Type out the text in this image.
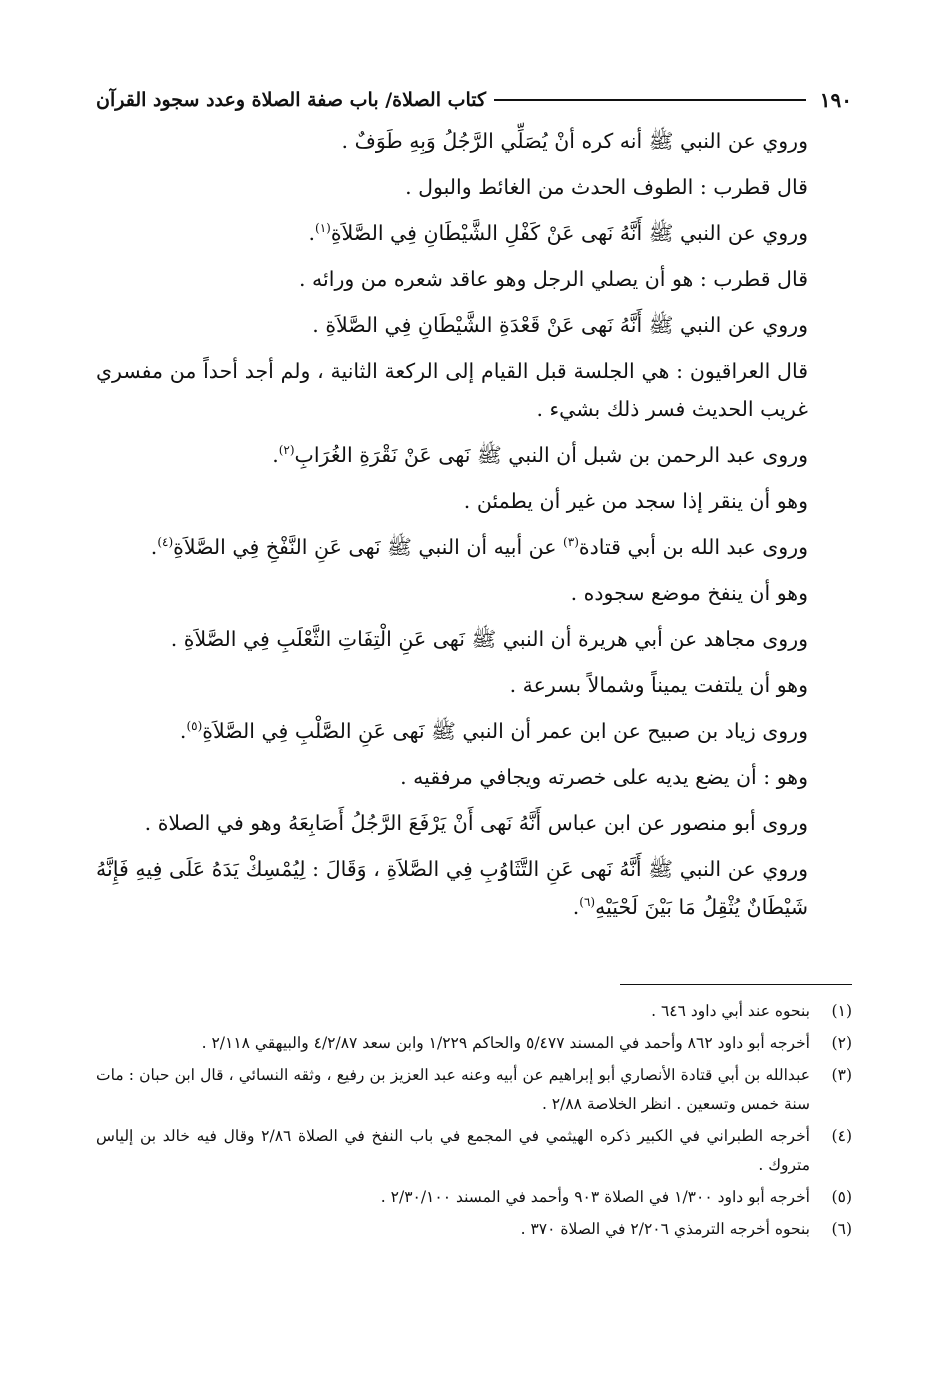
١٩٠
كتاب الصلاة/ باب صفة الصلاة وعدد سجود القرآن

وروي عن النبي ﷺ أنه كره أنْ يُصَلِّي الرَّجُلُ وَبِهِ طَوَفٌ .

قال قطرب : الطوف الحدث من الغائط والبول .

وروي عن النبي ﷺ أَنَّهُ نَهى عَنْ كَفْلِ الشَّيْطَانِ فِي الصَّلاَةِ$^{(١)}$.

قال قطرب : هو أن يصلي الرجل وهو عاقد شعره من ورائه .

وروي عن النبي ﷺ أَنَّهُ نَهى عَنْ قَعْدَةِ الشَّيْطَانِ فِي الصَّلاَةِ .

قال العراقيون : هي الجلسة قبل القيام إلى الركعة الثانية ، ولم أجد أحداً من مفسري غريب الحديث فسر ذلك بشيء .

وروى عبد الرحمن بن شبل أن النبي ﷺ نَهى عَنْ نَقْرَةِ الغُرَابِ$^{(٢)}$.

وهو أن ينقر إذا سجد من غير أن يطمئن .

وروى عبد الله بن أبي قتادة$^{(٣)}$ عن أبيه أن النبي ﷺ نَهى عَنِ النَّفْخِ فِي الصَّلاَةِ$^{(٤)}$.

وهو أن ينفخ موضع سجوده .

وروى مجاهد عن أبي هريرة أن النبي ﷺ نَهى عَنِ الْتِفَاتِ الثَّعْلَبِ فِي الصَّلاَةِ .

وهو أن يلتفت يميناً وشمالاً بسرعة .

وروى زياد بن صبيح عن ابن عمر أن النبي ﷺ نَهى عَنِ الصَّلْبِ فِي الصَّلاَةِ$^{(٥)}$.

وهو : أن يضع يديه على خصرته ويجافي مرفقيه .

وروى أبو منصور عن ابن عباس أَنَّهُ نَهى أَنْ يَرْفَعَ الرَّجُلُ أَصَابِعَهُ وهو في الصلاة .

وروي عن النبي ﷺ أَنَّهُ نَهى عَنِ التَّثَاوُبِ فِي الصَّلاَةِ ، وَقَالَ : لِيُمْسِكْ يَدَهُ عَلَى فِيهِ فَإِنَّهُ شَيْطَانٌ يُثْقِلُ مَا بَيْنَ لَحْيَيْهِ$^{(٦)}$.

(١)
بنحوه عند أبي داود ٦٤٦ .
(٢)
أخرجه أبو داود ٨٦٢ وأحمد في المسند ٥/٤٧٧ والحاكم ١/٢٢٩ وابن سعد ٤/٢/٨٧ والبيهقي ٢/١١٨ .
(٣)
عبدالله بن أبي قتادة الأنصاري أبو إبراهيم عن أبيه وعنه عبد العزيز بن رفيع ، وثقه النسائي ، قال ابن حبان : مات سنة خمس وتسعين . انظر الخلاصة ٢/٨٨ .
(٤)
أخرجه الطبراني في الكبير ذكره الهيثمي في المجمع في باب النفخ في الصلاة ٢/٨٦ وقال فيه خالد بن إلياس متروك .
(٥)
أخرجه أبو داود ١/٣٠٠ في الصلاة ٩٠٣ وأحمد في المسند ٢/٣٠/١٠٠ .
(٦)
بنحوه أخرجه الترمذي ٢/٢٠٦ في الصلاة ٣٧٠ .
